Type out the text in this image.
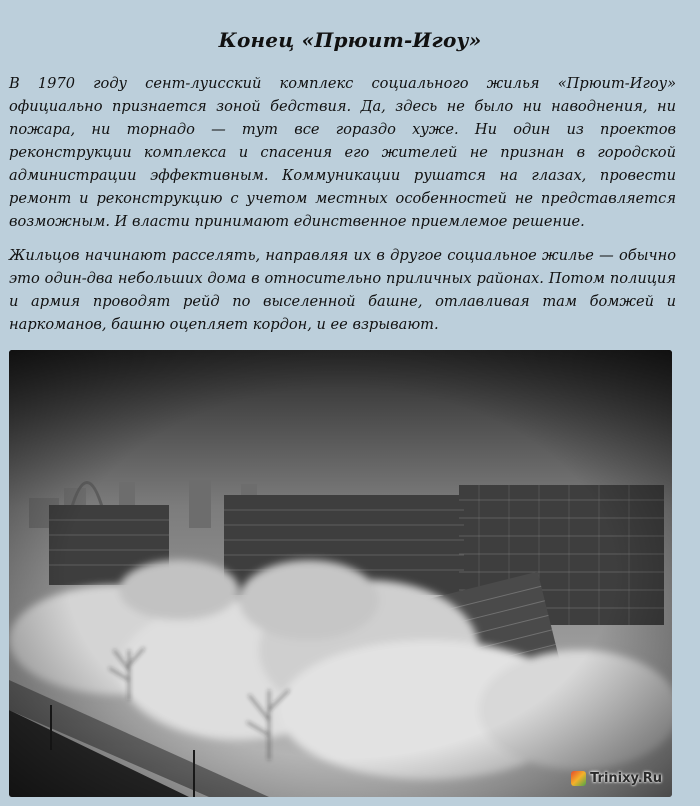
Конец «Прюит-Игоу»

В 1970 году сент-луисский комплекс социального жилья «Прюит-Игоу» официально признается зоной бедствия. Да, здесь не было ни наводнения, ни пожара, ни торнадо — тут все гораздо хуже. Ни один из проектов реконструкции комплекса и спасения его жителей не признан в городской администрации эффективным. Коммуникации рушатся на глазах, провести ремонт и реконструкцию с учетом местных особенностей не представляется возможным. И власти принимают единственное приемлемое решение.

Жильцов начинают расселять, направляя их в другое социальное жилье — обычно это один-два небольших дома в относительно приличных районах. Потом полиция и армия проводят рейд по выселенной башне, отлавливая там бомжей и наркоманов, башню оцепляет кордон, и ее взрывают.

Trinixy.Ru
